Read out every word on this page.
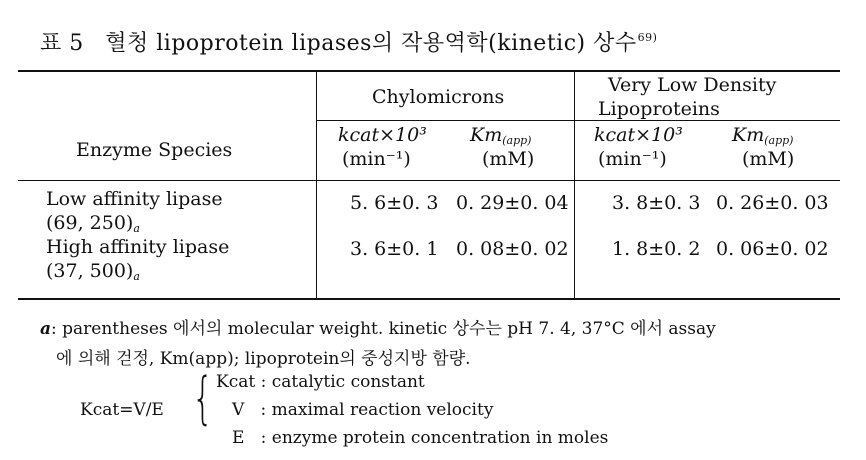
표 5 혈청 lipoprotein lipases의 작용역학(kinetic) 상수$^{69)}$
Chylomicrons
Very Low Density
Lipoproteins
Enzyme Species
kcat×10³
(min⁻¹)
$Km_{(app)}$
(mM)
kcat×10³
(min⁻¹)
$Km_{(app)}$
(mM)
Low affinity lipase
(69, $250)_a$
5. 6±0. 3 0. 29±0. 04 3. 8±0. 3 0. 26±0. 03
High affinity lipase
(37, $500)_a$
3. 6±0. 1 0. 08±0. 02 1. 8±0. 2 0. 06±0. 02
a: parentheses 에서의 molecular weight. kinetic 상수는 pH 7. 4, 37°C 에서 assay
에 의해 걷정, Km(app); lipoprotein의 중성지방 함량.
Kcat=V/E { Kcat : catalytic constant
V   : maximal reaction velocity
E   : enzyme protein concentration in moles
